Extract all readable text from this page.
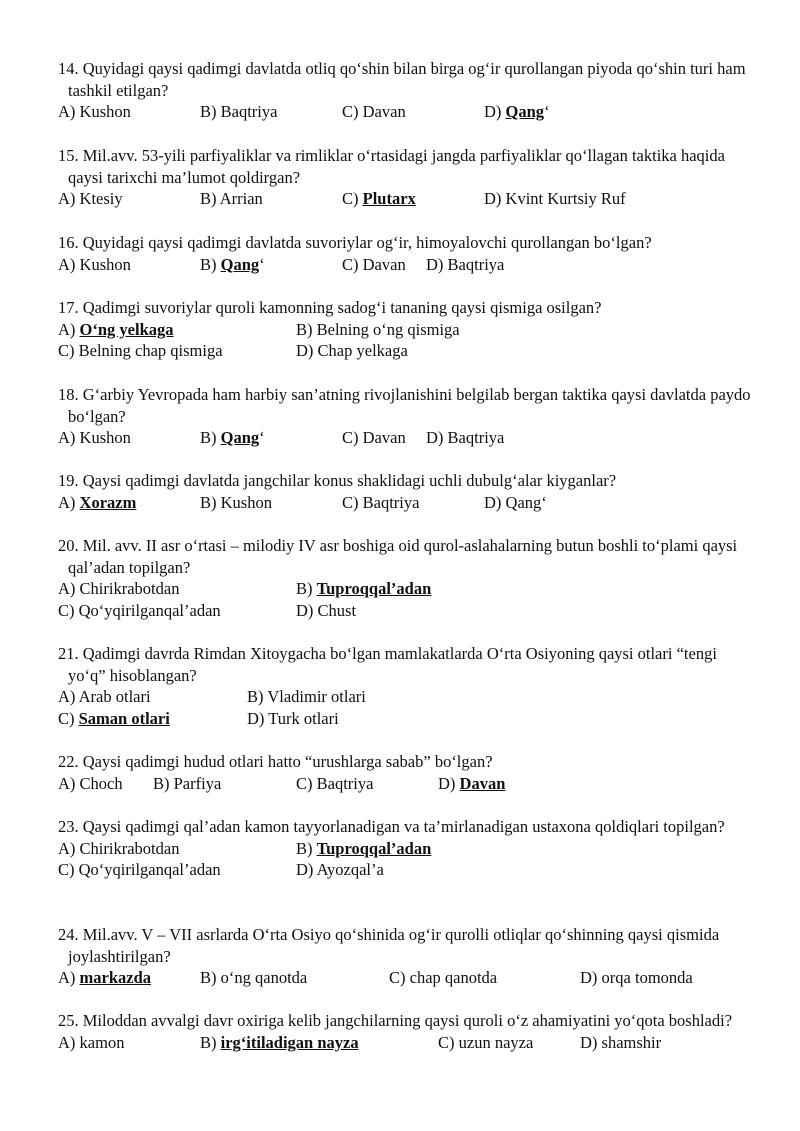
14. Quyidagi qaysi qadimgi davlatda otliq qo‘shin bilan birga og‘ir qurollangan piyoda qo‘shin turi ham tashkil etilgan?
A) Kushon	B) Baqtriya	C) Davan	D) Qang‘
15. Mil.avv. 53-yili parfiyaliklar va rimliklar o‘rtasidagi jangda parfiyaliklar qo‘llagan taktika haqida qaysi tarixchi ma’lumot qoldirgan?
A) Ktesiy	B) Arrian	C) Plutarx	D) Kvint Kurtsiy Ruf
16. Quyidagi qaysi qadimgi davlatda suvoriylar og‘ir, himoyalovchi qurollangan bo‘lgan?
A) Kushon	B) Qang‘	C) Davan D) Baqtriya
17. Qadimgi suvoriylar quroli kamonning sadog‘i tananing qaysi qismiga osilgan?
A) O‘ng yelkaga	B) Belning o‘ng qismiga
C) Belning chap qismiga	D) Chap yelkaga
18. G‘arbiy Yevropada ham harbiy san’atning rivojlanishini belgilab bergan taktika qaysi davlatda paydo bo‘lgan?
A) Kushon	B) Qang‘	C) Davan D) Baqtriya
19. Qaysi qadimgi davlatda jangchilar konus shaklidagi uchli dubulg‘alar kiyganlar?
A) Xorazm	B) Kushon	C) Baqtriya	D) Qang‘
20. Mil. avv. II asr o‘rtasi – milodiy IV asr boshiga oid qurol-aslahalarning butun boshli to‘plami qaysi qal’adan topilgan?
A) Chirikrabotdan	B) Tuproqqal’adan
C) Qo‘yqirilganqal’adan	D) Chust
21. Qadimgi davrda Rimdan Xitoygacha bo‘lgan mamlakatlarda O‘rta Osiyoning qaysi otlari “tengi yo‘q” hisoblangan?
A) Arab otlari	B) Vladimir otlari
C) Saman otlari	D) Turk otlari
22. Qaysi qadimgi hudud otlari hatto “urushlarga sabab” bo‘lgan?
A) Choch B) Parfiya	C) Baqtriya	D) Davan
23. Qaysi qadimgi qal’adan kamon tayyorlanadigan va ta’mirlanadigan ustaxona qoldiqlari topilgan?
A) Chirikrabotdan	B) Tuproqqal’adan
C) Qo‘yqirilganqal’adan	D) Ayozqal’a
24. Mil.avv. V – VII asrlarda O‘rta Osiyo qo‘shinida og‘ir qurolli otliqlar qo‘shinning qaysi qismida joylashtirilgan?
A) markazda	B) o‘ng qanotda	C) chap qanotda	D) orqa tomonda
25. Miloddan avvalgi davr oxiriga kelib jangchilarning qaysi quroli o‘z ahamiyatini yo‘qota boshladi?
A) kamon	B) irg‘itiladigan nayza	C) uzun nayza	D) shamshir
